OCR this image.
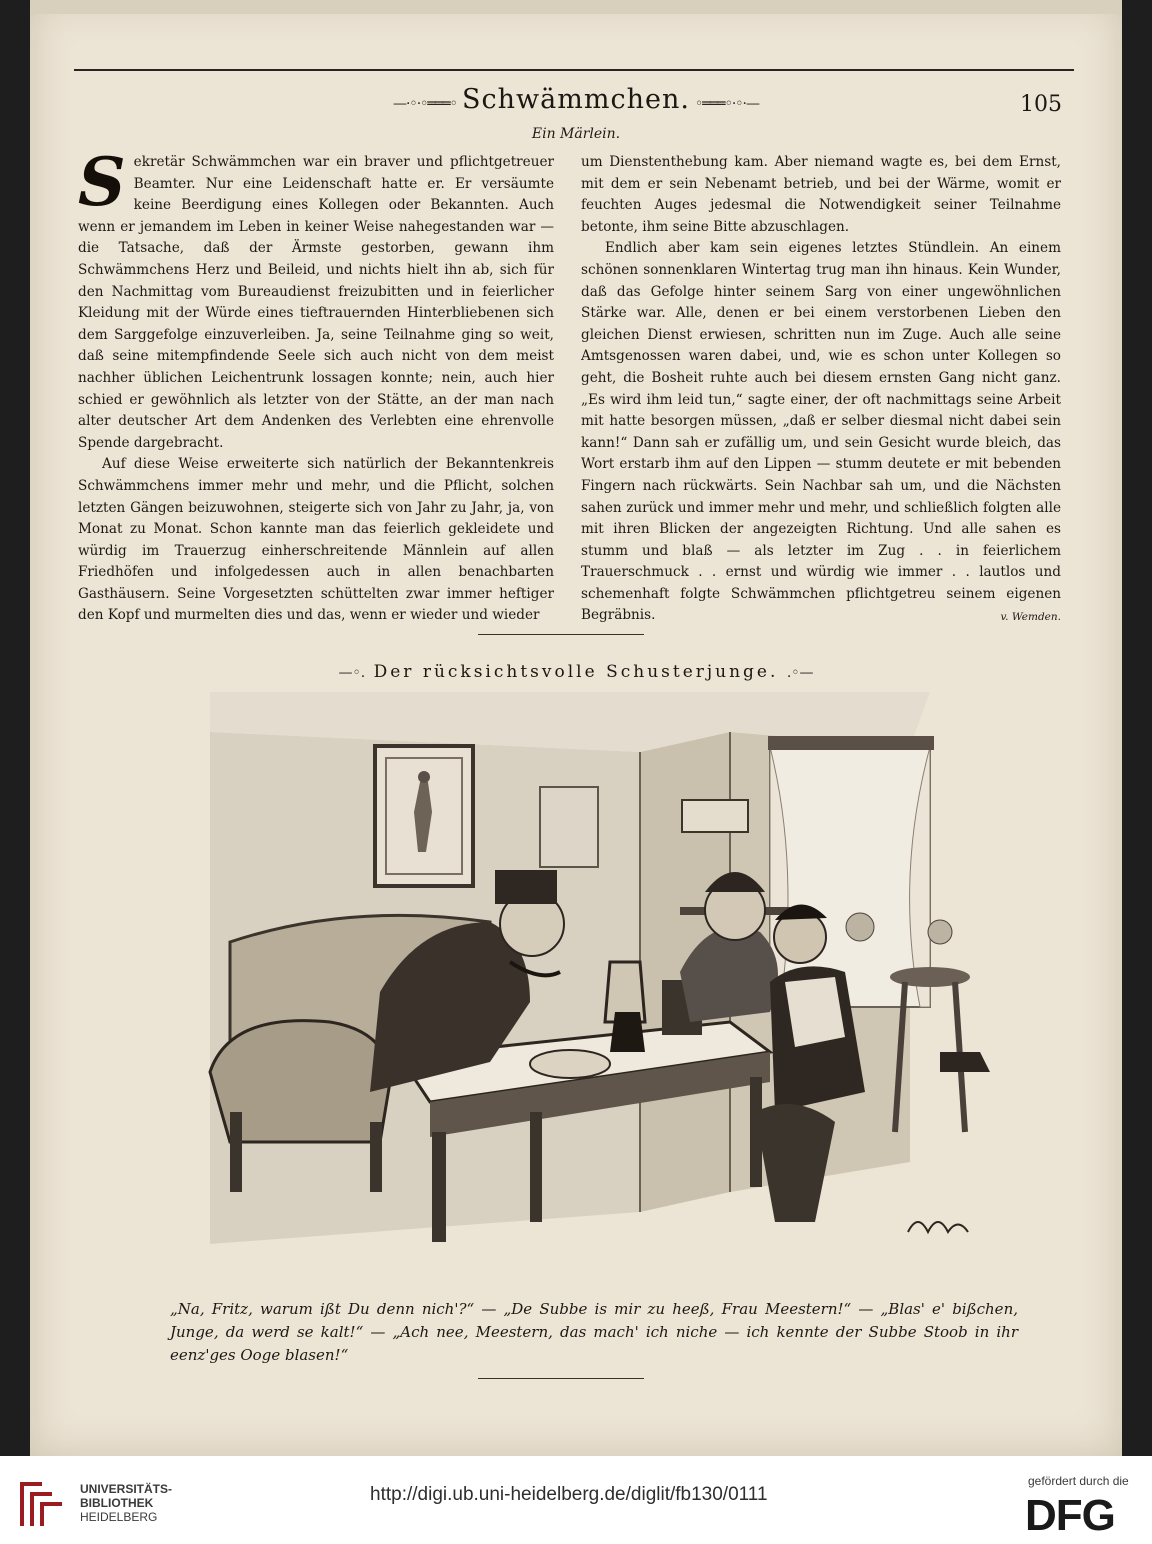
—·◦·◦═══◦ Schwämmchen. ◦═══◦·◦·—	105
Ein Märlein.

Sekretär Schwämmchen war ein braver und pflichtgetreuer Beamter. Nur eine Leidenschaft hatte er. Er versäumte keine Beerdigung eines Kollegen oder Bekannten. Auch wenn er jemandem im Leben in keiner Weise nahegestanden war — die Tatsache, daß der Ärmste gestorben, gewann ihm Schwämmchens Herz und Beileid, und nichts hielt ihn ab, sich für den Nachmittag vom Bureaudienst freizubitten und in feierlicher Kleidung mit der Würde eines tieftrauernden Hinterbliebenen sich dem Sarggefolge einzuverleiben. Ja, seine Teilnahme ging so weit, daß seine mitempfindende Seele sich auch nicht von dem meist nachher üblichen Leichentrunk lossagen konnte; nein, auch hier schied er gewöhnlich als letzter von der Stätte, an der man nach alter deutscher Art dem Andenken des Verlebten eine ehrenvolle Spende dargebracht.

Auf diese Weise erweiterte sich natürlich der Bekanntenkreis Schwämmchens immer mehr und mehr, und die Pflicht, solchen letzten Gängen beizuwohnen, steigerte sich von Jahr zu Jahr, ja, von Monat zu Monat. Schon kannte man das feierlich gekleidete und würdig im Trauerzug einherschreitende Männlein auf allen Friedhöfen und infolgedessen auch in allen benachbarten Gasthäusern. Seine Vorgesetzten schüttelten zwar immer heftiger den Kopf und murmelten dies und das, wenn er wieder und wieder

um Dienstenthebung kam. Aber niemand wagte es, bei dem Ernst, mit dem er sein Nebenamt betrieb, und bei der Wärme, womit er feuchten Auges jedesmal die Notwendigkeit seiner Teilnahme betonte, ihm seine Bitte abzuschlagen.

Endlich aber kam sein eigenes letztes Stündlein. An einem schönen sonnenklaren Wintertag trug man ihn hinaus. Kein Wunder, daß das Gefolge hinter seinem Sarg von einer ungewöhnlichen Stärke war. Alle, denen er bei einem verstorbenen Lieben den gleichen Dienst erwiesen, schritten nun im Zuge. Auch alle seine Amtsgenossen waren dabei, und, wie es schon unter Kollegen so geht, die Bosheit ruhte auch bei diesem ernsten Gang nicht ganz. „Es wird ihm leid tun,“ sagte einer, der oft nachmittags seine Arbeit mit hatte besorgen müssen, „daß er selber diesmal nicht dabei sein kann!“ Dann sah er zufällig um, und sein Gesicht wurde bleich, das Wort erstarb ihm auf den Lippen — stumm deutete er mit bebenden Fingern nach rückwärts. Sein Nachbar sah um, und die Nächsten sahen zurück und immer mehr und mehr, und schließlich folgten alle mit ihren Blicken der angezeigten Richtung. Und alle sahen es stumm und blaß — als letzter im Zug . . in feierlichem Trauerschmuck . . ernst und würdig wie immer . . lautlos und schemenhaft folgte Schwämmchen pflichtgetreu seinem eigenen Begräbnis.	v. Wemden.

—◦. Der rücksichtsvolle Schusterjunge. .◦—
„Na, Fritz, warum ißt Du denn nich'?“ — „De Subbe is mir zu heeß, Frau Meestern!“ — „Blas' e' bißchen, Junge, da werd se kalt!“ — „Ach nee, Meestern, das mach' ich niche — ich kennte der Subbe Stoob in ihr eenz'ges Ooge blasen!“
UNIVERSITÄTS-
BIBLIOTHEK
HEIDELBERG
http://digi.ub.uni-heidelberg.de/diglit/fb130/0111
gefördert durch die
DFG
